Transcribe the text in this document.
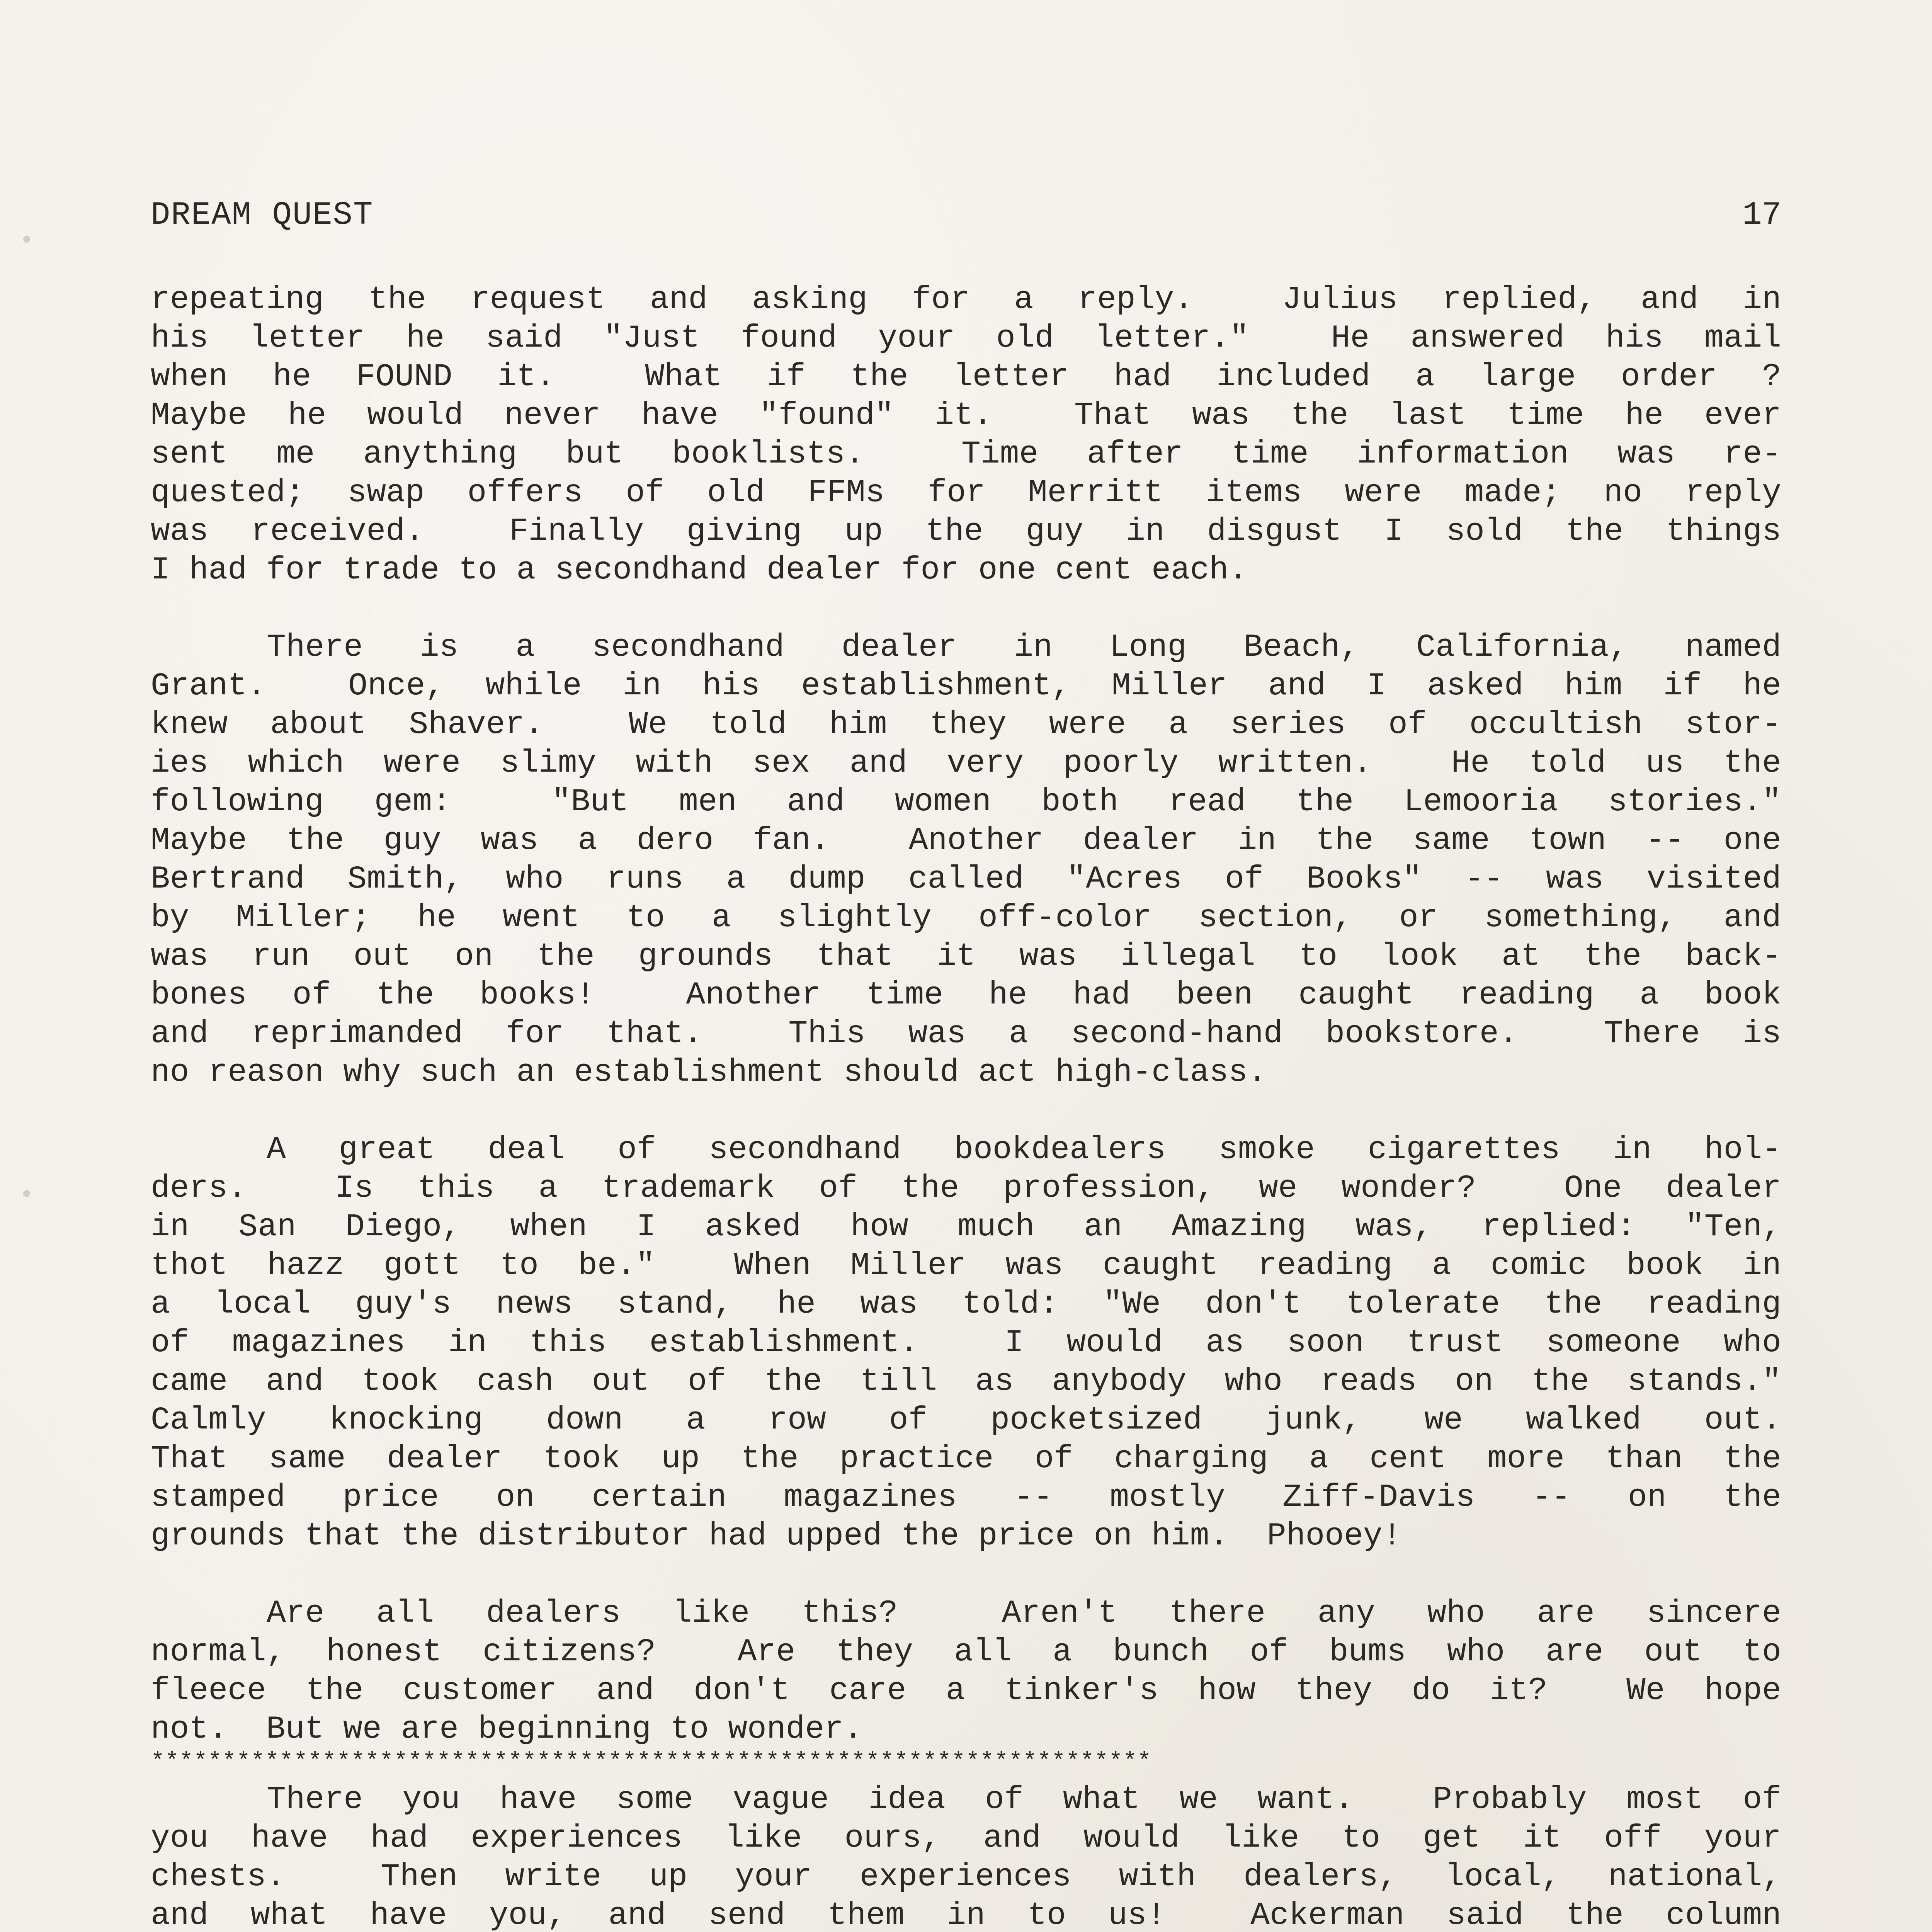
DREAM QUEST	17
repeating the request and asking for a reply.  Julius replied, and in
his letter he said "Just found your old letter."  He answered his mail
when he FOUND it.  What if the letter had included a large order ?
Maybe he would never have "found" it.  That was the last time he ever
sent me anything but booklists.  Time after time information was re-
quested; swap offers of old FFMs for Merritt items were made; no reply
was received.  Finally giving up the guy in disgust I sold the things
I had for trade to a secondhand dealer for one cent each.
There is a secondhand dealer in Long Beach, California, named
Grant.  Once, while in his establishment, Miller and I asked him if he
knew about Shaver.  We told him they were a series of occultish stor-
ies which were slimy with sex and very poorly written.  He told us the
following gem:  "But men and women both read the Lemooria stories."
Maybe the guy was a dero fan.  Another dealer in the same town -- one
Bertrand Smith, who runs a dump called "Acres of Books" -- was visited
by Miller; he went to a slightly off-color section, or something, and
was run out on the grounds that it was illegal to look at the back-
bones of the books!  Another time he had been caught reading a book
and reprimanded for that.  This was a second-hand bookstore.  There is
no reason why such an establishment should act high-class.
A great deal of secondhand bookdealers smoke cigarettes in hol-
ders.  Is this a trademark of the profession, we wonder?  One dealer
in San Diego, when I asked how much an Amazing was, replied: "Ten,
thot hazz gott to be."  When Miller was caught reading a comic book in
a local guy's news stand, he was told: "We don't tolerate the reading
of magazines in this establishment.  I would as soon trust someone who
came and took cash out of the till as anybody who reads on the stands."
Calmly knocking down a row of pocketsized junk, we walked out.
That same dealer took up the practice of charging a cent more than the
stamped price on certain magazines -- mostly Ziff-Davis -- on the
grounds that the distributor had upped the price on him.  Phooey!
Are all dealers like this?  Aren't there any who are sincere
normal, honest citizens?  Are they all a bunch of bums who are out to
fleece the customer and don't care a tinker's how they do it?  We hope
not.  But we are beginning to wonder.
**********************************************************************
There you have some vague idea of what we want.  Probably most of
you have had experiences like ours, and would like to get it off your
chests.  Then write up your experiences with dealers, local, national,
and what have you, and send them in to us!  Ackerman said the column
